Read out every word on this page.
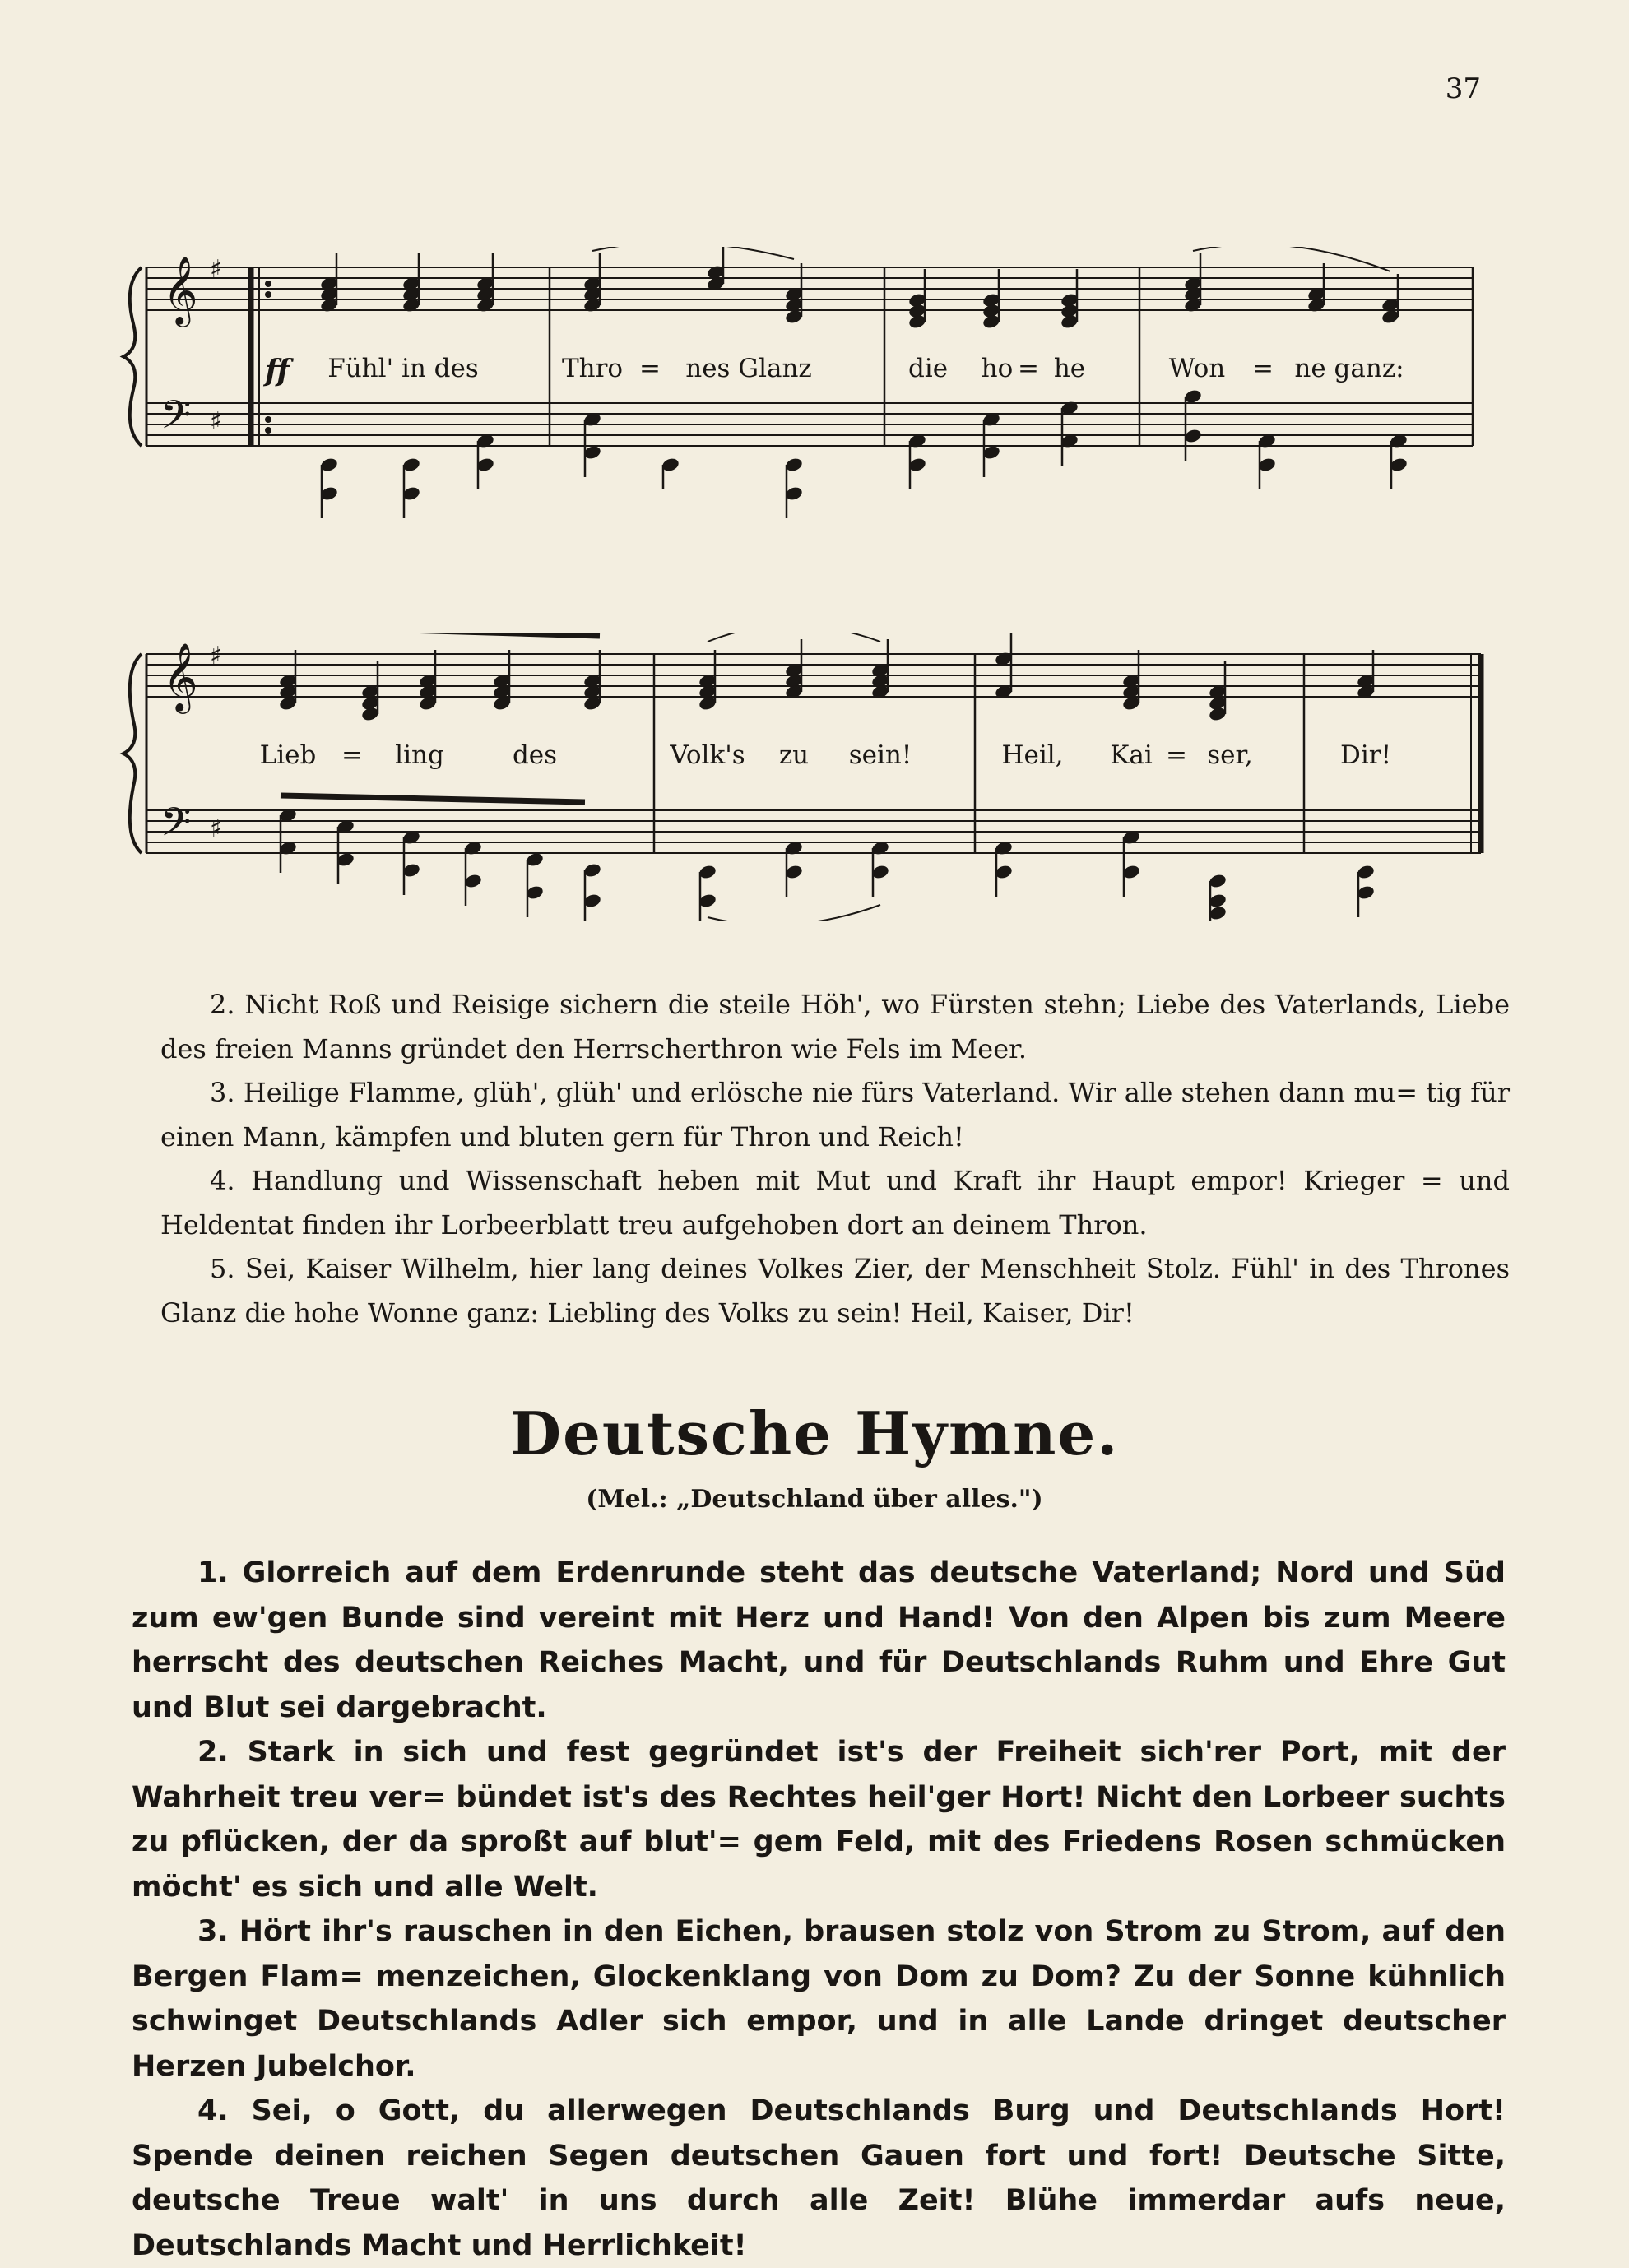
37
𝄞
𝄢
♯
♯
ff Fühl' in des	Thro = nes Glanz	die ho = he	Won = ne ganz:
𝄞
𝄢
♯
♯
Lieb = ling	des	Volk's zu sein!	Heil, Kai = ser,	Dir!

2. Nicht Roß und Reisige sichern die steile Höh', wo Fürsten stehn; Liebe des Vaterlands, Liebe des freien Manns gründet den Herrscherthron wie Fels im Meer.

3. Heilige Flamme, glüh', glüh' und erlösche nie fürs Vaterland. Wir alle stehen dann mu= tig für einen Mann, kämpfen und bluten gern für Thron und Reich!

4. Handlung und Wissenschaft heben mit Mut und Kraft ihr Haupt empor! Krieger = und Heldentat finden ihr Lorbeerblatt treu aufgehoben dort an deinem Thron.

5. Sei, Kaiser Wilhelm, hier lang deines Volkes Zier, der Menschheit Stolz. Fühl' in des Thrones Glanz die hohe Wonne ganz: Liebling des Volks zu sein! Heil, Kaiser, Dir!

Deutsche Hymne.
(Mel.: „Deutschland über alles.")

1. Glorreich auf dem Erdenrunde steht das deutsche Vaterland; Nord und Süd zum ew'gen Bunde sind vereint mit Herz und Hand! Von den Alpen bis zum Meere herrscht des deutschen Reiches Macht, und für Deutschlands Ruhm und Ehre Gut und Blut sei dargebracht.

2. Stark in sich und fest gegründet ist's der Freiheit sich'rer Port, mit der Wahrheit treu ver= bündet ist's des Rechtes heil'ger Hort! Nicht den Lorbeer suchts zu pflücken, der da sproßt auf blut'= gem Feld, mit des Friedens Rosen schmücken möcht' es sich und alle Welt.

3. Hört ihr's rauschen in den Eichen, brausen stolz von Strom zu Strom, auf den Bergen Flam= menzeichen, Glockenklang von Dom zu Dom? Zu der Sonne kühnlich schwinget Deutschlands Adler sich empor, und in alle Lande dringet deutscher Herzen Jubelchor.

4. Sei, o Gott, du allerwegen Deutschlands Burg und Deutschlands Hort! Spende deinen reichen Segen deutschen Gauen fort und fort! Deutsche Sitte, deutsche Treue walt' in uns durch alle Zeit! Blühe immerdar aufs neue, Deutschlands Macht und Herrlichkeit!
